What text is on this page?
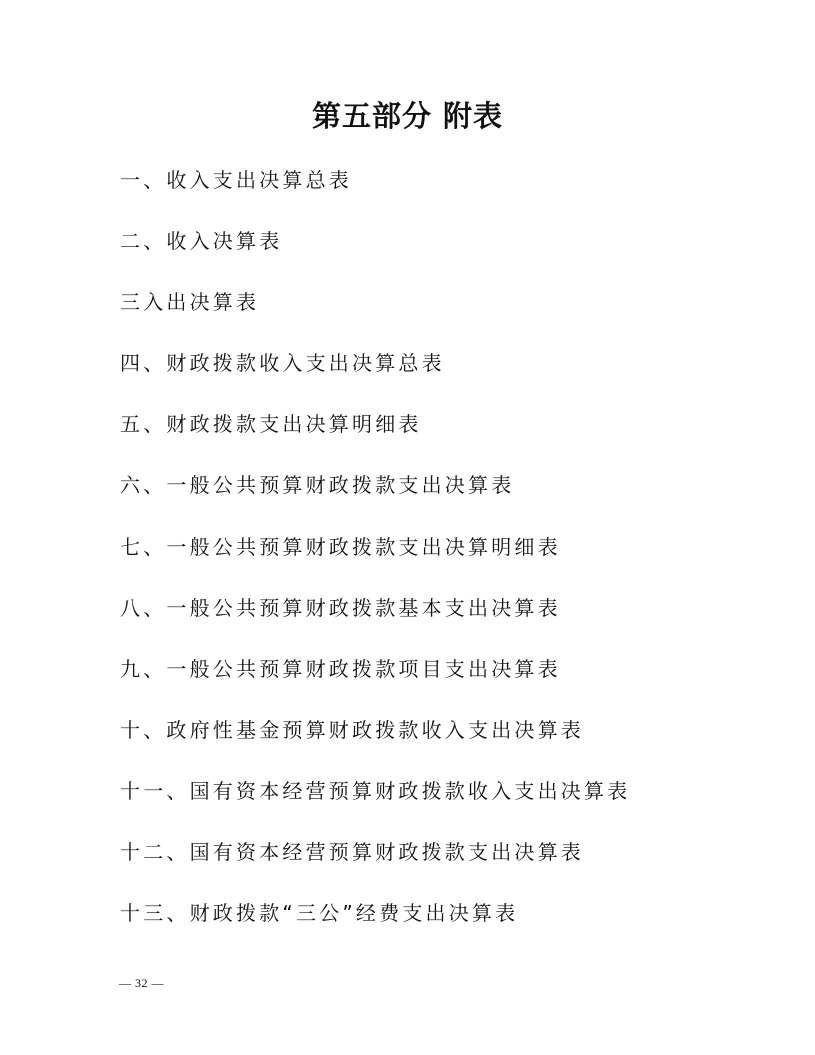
第五部分 附表
一、收入支出决算总表
二、收入决算表
三入出决算表
四、财政拨款收入支出决算总表
五、财政拨款支出决算明细表
六、一般公共预算财政拨款支出决算表
七、一般公共预算财政拨款支出决算明细表
八、一般公共预算财政拨款基本支出决算表
九、一般公共预算财政拨款项目支出决算表
十、政府性基金预算财政拨款收入支出决算表
十一、国有资本经营预算财政拨款收入支出决算表
十二、国有资本经营预算财政拨款支出决算表
十三、财政拨款“三公”经费支出决算表
— 32 —
